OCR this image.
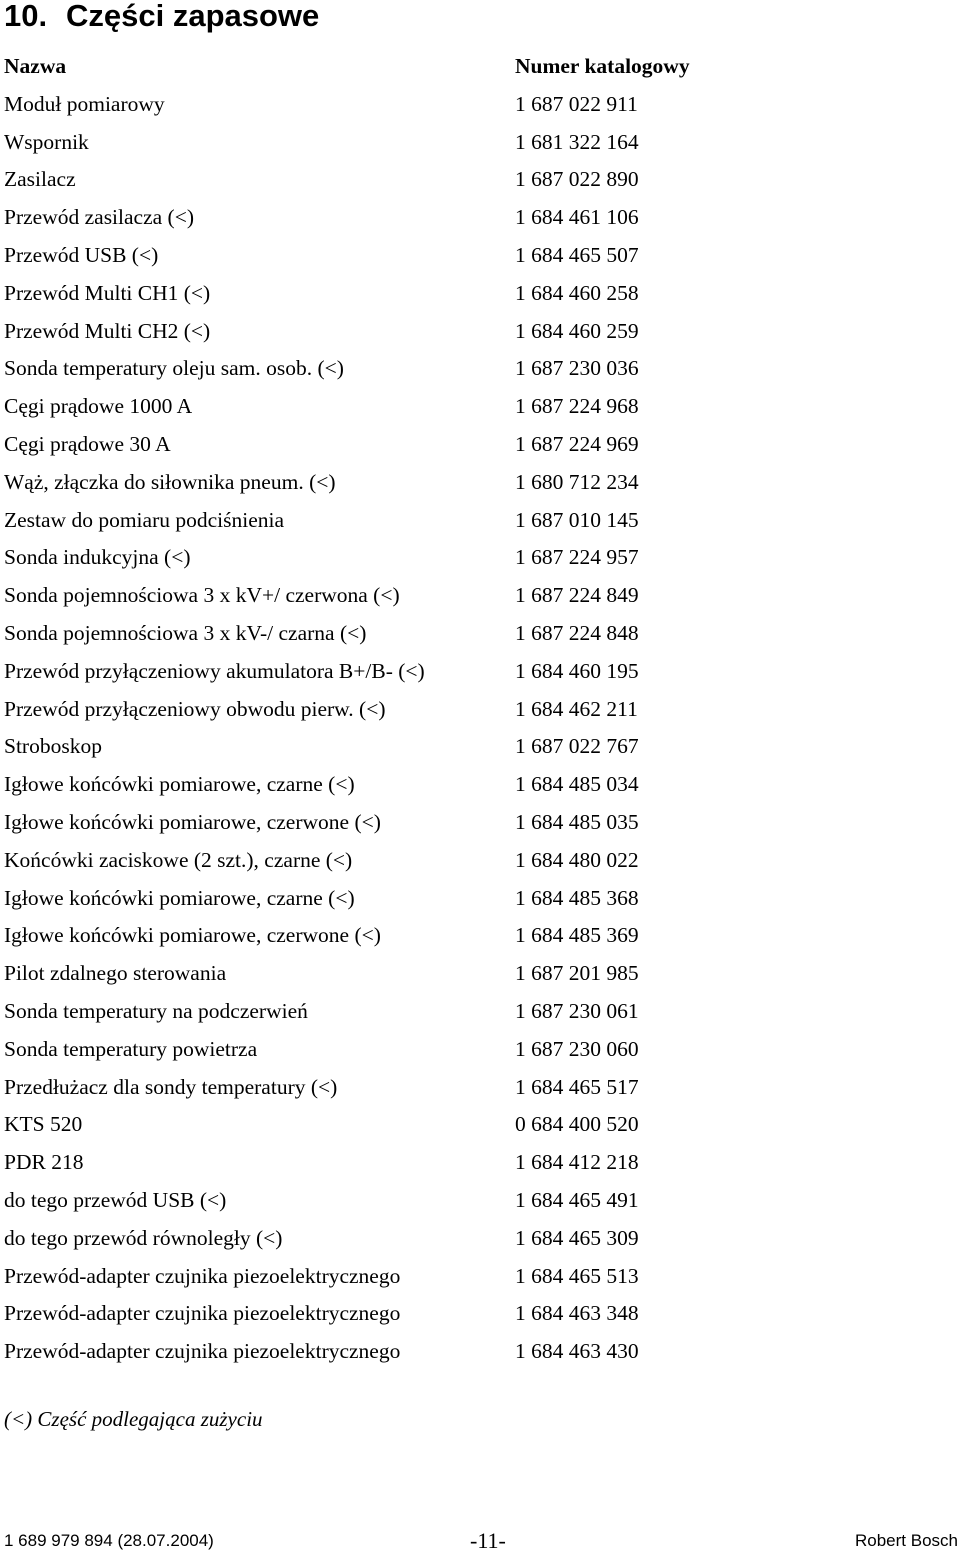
10. Części zapasowe
Nazwa	Numer katalogowy
Moduł pomiarowy	1 687 022 911
Wspornik	1 681 322 164
Zasilacz	1 687 022 890
Przewód zasilacza (<)	1 684 461 106
Przewód USB (<)	1 684 465 507
Przewód Multi CH1 (<)	1 684 460 258
Przewód Multi CH2 (<)	1 684 460 259
Sonda temperatury oleju sam. osob. (<)	1 687 230 036
Cęgi prądowe 1000 A	1 687 224 968
Cęgi prądowe 30 A	1 687 224 969
Wąż, złączka do siłownika pneum. (<)	1 680 712 234
Zestaw do pomiaru podciśnienia	1 687 010 145
Sonda indukcyjna (<)	1 687 224 957
Sonda pojemnościowa 3 x kV+/ czerwona (<)	1 687 224 849
Sonda pojemnościowa 3 x kV-/ czarna (<)	1 687 224 848
Przewód przyłączeniowy akumulatora B+/B- (<)	1 684 460 195
Przewód przyłączeniowy obwodu pierw. (<)	1 684 462 211
Stroboskop	1 687 022 767
Igłowe końcówki pomiarowe, czarne (<)	1 684 485 034
Igłowe końcówki pomiarowe, czerwone (<)	1 684 485 035
Końcówki zaciskowe (2 szt.), czarne (<)	1 684 480 022
Igłowe końcówki pomiarowe, czarne (<)	1 684 485 368
Igłowe końcówki pomiarowe, czerwone (<)	1 684 485 369
Pilot zdalnego sterowania	1 687 201 985
Sonda temperatury na podczerwień	1 687 230 061
Sonda temperatury powietrza	1 687 230 060
Przedłużacz dla sondy temperatury (<)	1 684 465 517
KTS 520	0 684 400 520
PDR 218	1 684 412 218
do tego przewód USB (<)	1 684 465 491
do tego przewód równoległy (<)	1 684 465 309
Przewód-adapter czujnika piezoelektrycznego	1 684 465 513
Przewód-adapter czujnika piezoelektrycznego	1 684 463 348
Przewód-adapter czujnika piezoelektrycznego	1 684 463 430
(<) Część podlegająca zużyciu
1 689 979 894 (28.07.2004)	-11-	Robert Bosch
